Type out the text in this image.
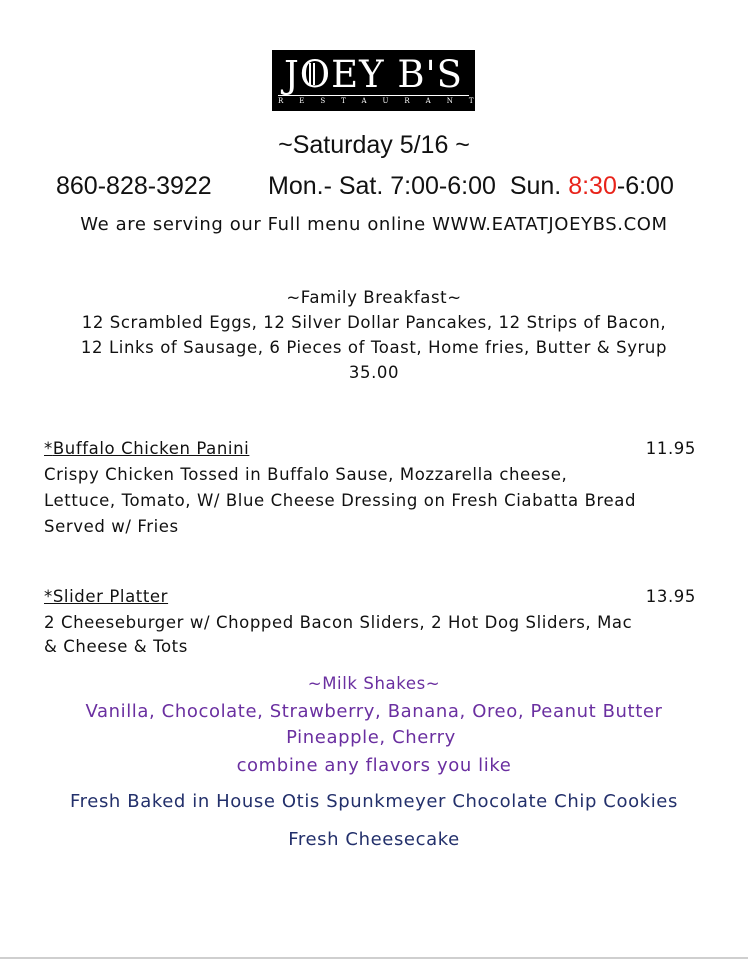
JOEY B'S
RESTAURANT
~Saturday 5/16 ~
860-828-3922 Mon.- Sat. 7:00-6:00 Sun. 8:30-6:00
We are serving our Full menu online WWW.EATATJOEYBS.COM
~Family Breakfast~
12 Scrambled Eggs, 12 Silver Dollar Pancakes, 12 Strips of Bacon,
12 Links of Sausage, 6 Pieces of Toast, Home fries, Butter & Syrup
35.00
*Buffalo Chicken Panini	11.95
Crispy Chicken Tossed in Buffalo Sause, Mozzarella cheese,
Lettuce, Tomato, W/ Blue Cheese Dressing on Fresh Ciabatta Bread
Served w/ Fries
*Slider Platter	13.95
2 Cheeseburger w/ Chopped Bacon Sliders, 2 Hot Dog Sliders, Mac
& Cheese & Tots
~Milk Shakes~
Vanilla, Chocolate, Strawberry, Banana, Oreo, Peanut Butter
Pineapple, Cherry
combine any flavors you like
Fresh Baked in House Otis Spunkmeyer Chocolate Chip Cookies
Fresh Cheesecake
